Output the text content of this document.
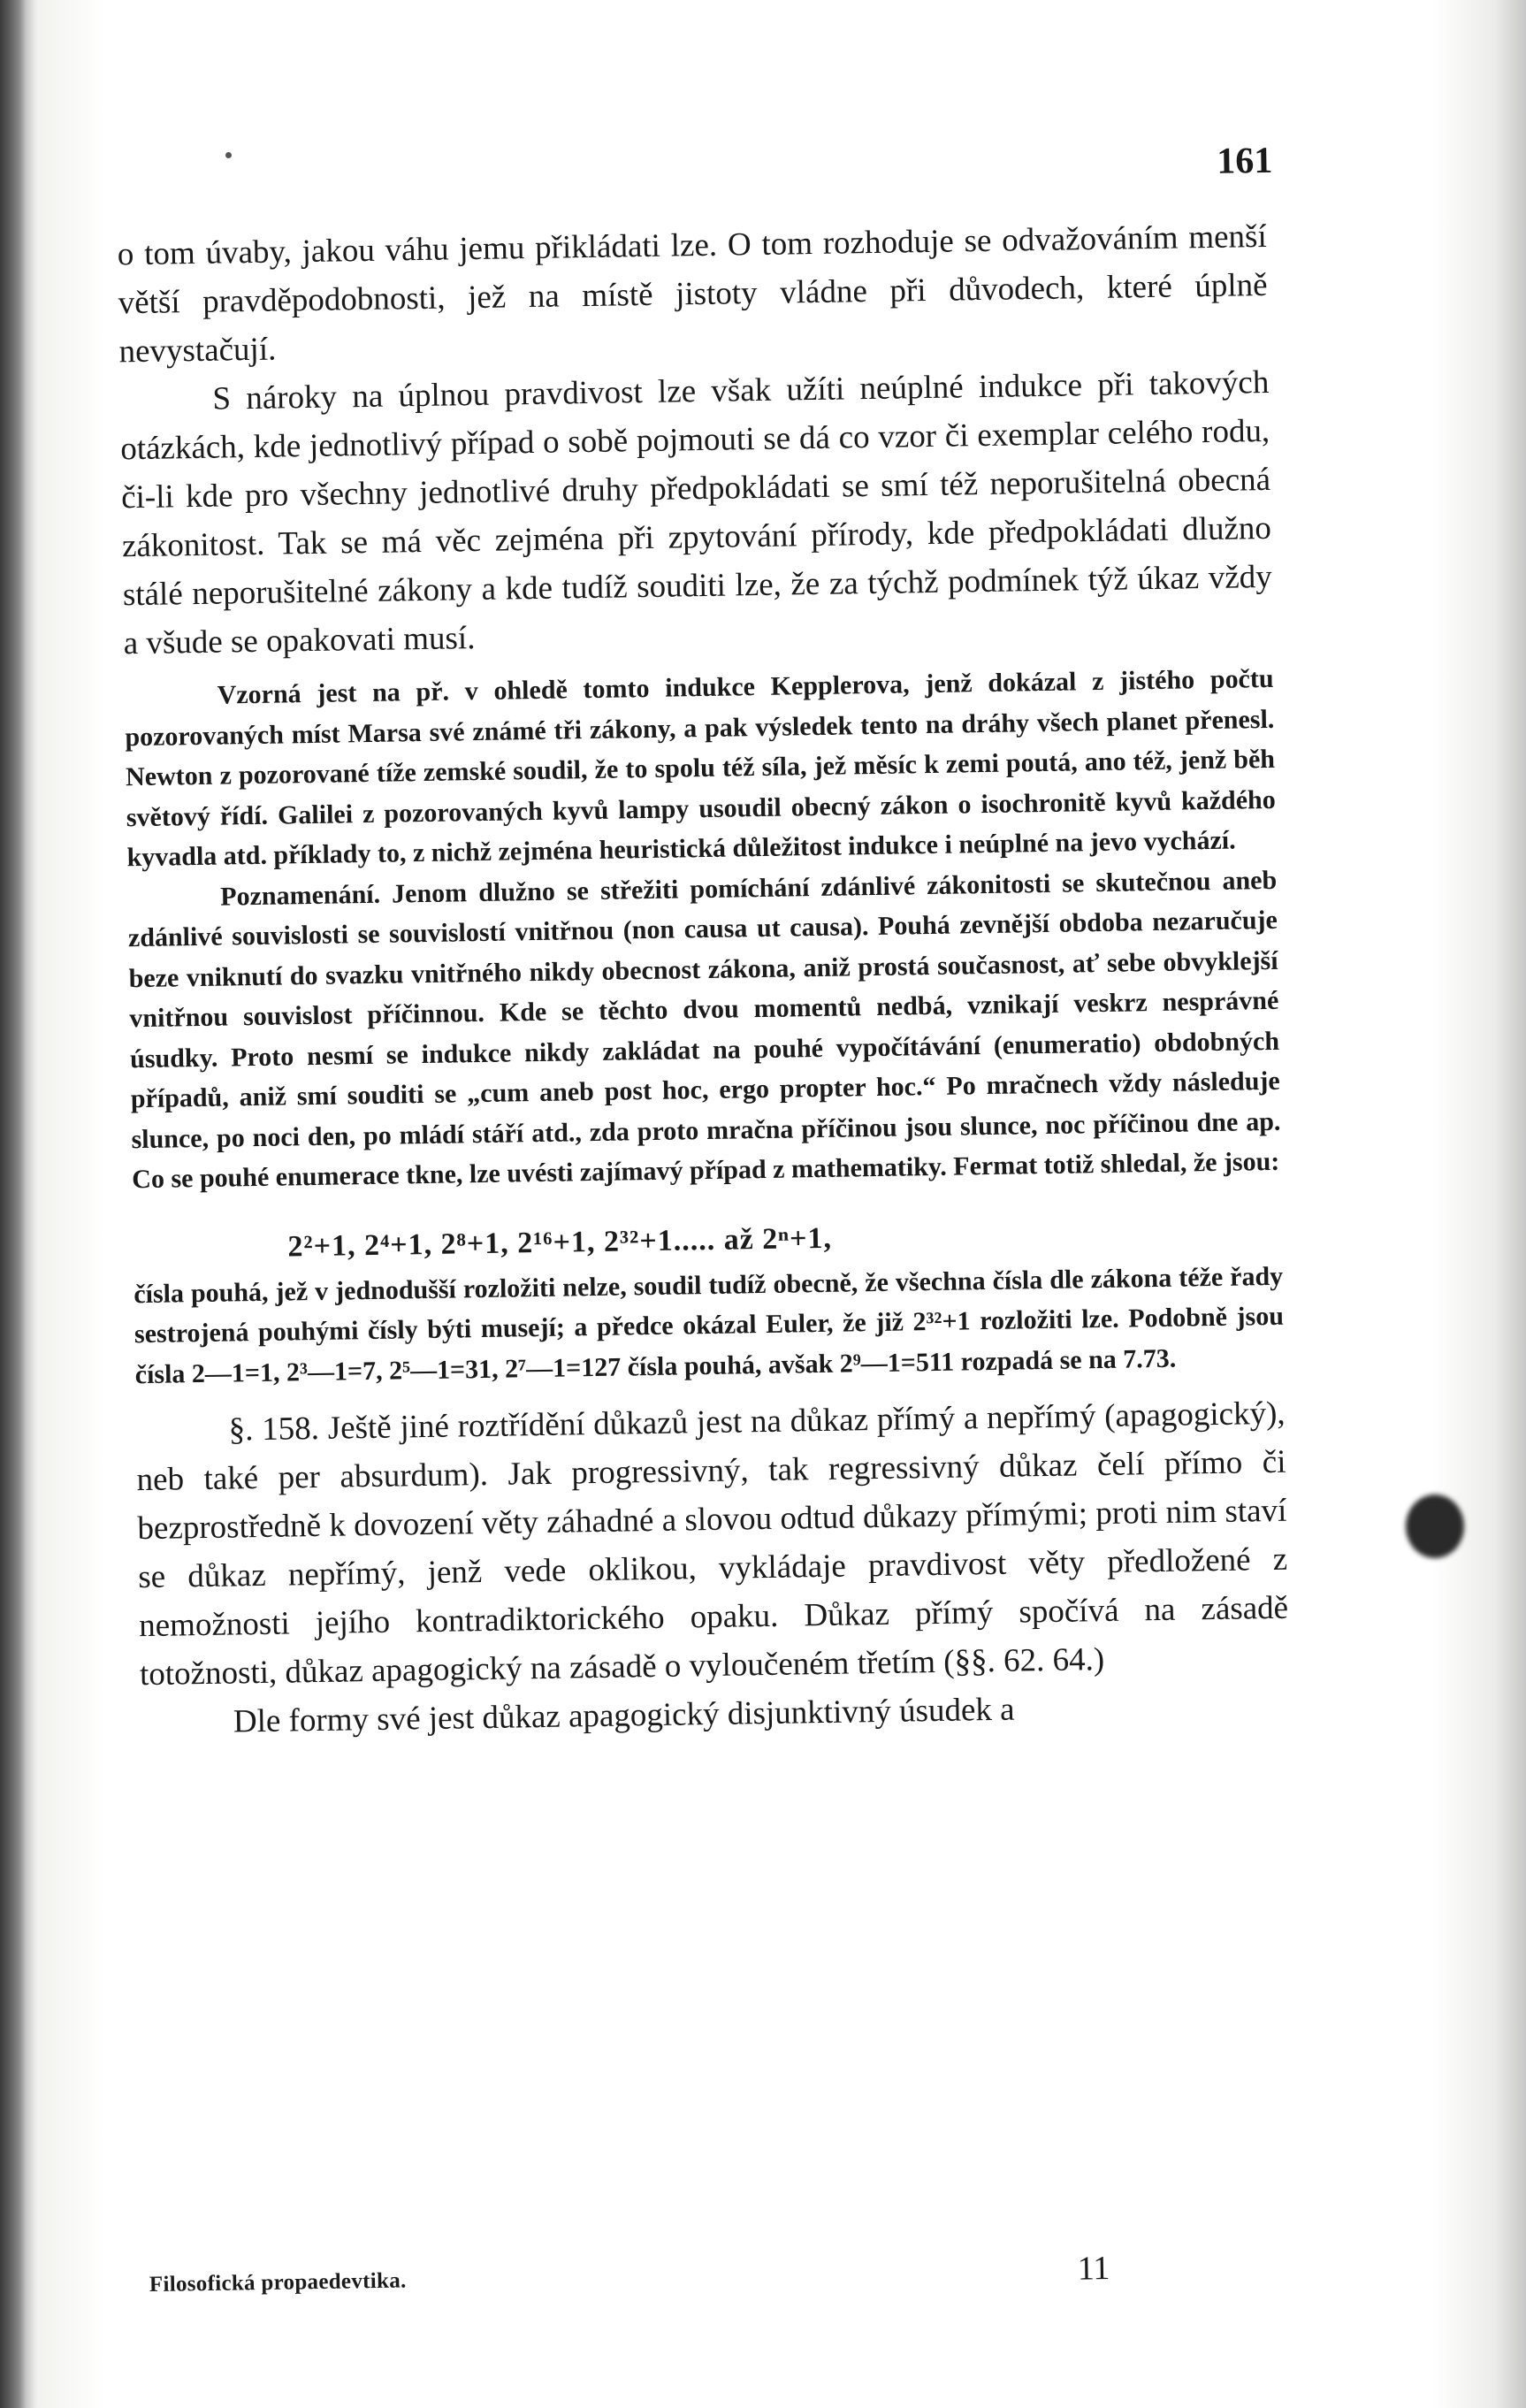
161

o tom úvaby, jakou váhu jemu přikládati lze. O tom rozhoduje se odvažováním menší větší pravděpodobnosti, jež na místě jistoty vládne při důvodech, které úplně nevystačují.

S nároky na úplnou pravdivost lze však užíti neúplné indukce při takových otázkách, kde jednotlivý případ o sobě pojmouti se dá co vzor či exemplar celého rodu, či-li kde pro všechny jednotlivé druhy předpokládati se smí též neporušitelná obecná zákonitost. Tak se má věc zejména při zpytování přírody, kde předpokládati dlužno stálé neporušitelné zákony a kde tudíž souditi lze, že za týchž podmínek týž úkaz vždy a všude se opakovati musí.

Vzorná jest na př. v ohledě tomto indukce Kepplerova, jenž dokázal z jistého počtu pozorovaných míst Marsa své známé tři zákony, a pak výsledek tento na dráhy všech planet přenesl. Newton z pozorované tíže zemské soudil, že to spolu též síla, jež měsíc k zemi poutá, ano též, jenž běh světový řídí. Galilei z pozorovaných kyvů lampy usoudil obecný zákon o isochronitě kyvů každého kyvadla atd. příklady to, z nichž zejména heuristická důležitost indukce i neúplné na jevo vychází.

Poznamenání. Jenom dlužno se střežiti pomíchání zdánlivé zákonitosti se skutečnou aneb zdánlivé souvislosti se souvislostí vnitřnou (non causa ut causa). Pouhá zevnější obdoba nezaručuje beze vniknutí do svazku vnitřného nikdy obecnost zákona, aniž prostá současnost, ať sebe obvyklejší vnitřnou souvislost příčinnou. Kde se těchto dvou momentů nedbá, vznikají veskrz nesprávné úsudky. Proto nesmí se indukce nikdy zakládat na pouhé vypočítávání (enumeratio) obdobných případů, aniž smí souditi se „cum aneb post hoc, ergo propter hoc.“ Po mračnech vždy následuje slunce, po noci den, po mládí stáří atd., zda proto mračna příčinou jsou slunce, noc příčinou dne ap. Co se pouhé enumerace tkne, lze uvésti zajímavý případ z mathematiky. Fermat totiž shledal, že jsou:

2²+1, 2⁴+1, 2⁸+1, 2¹⁶+1, 2³²+1..... až 2ⁿ+1,

čísla pouhá, jež v jednodušší rozložiti nelze, soudil tudíž obecně, že všechna čísla dle zákona téže řady sestrojená pouhými čísly býti musejí; a předce okázal Euler, že již 2³²+1 rozložiti lze. Podobně jsou čísla 2—1=1, 2³—1=7, 2⁵—1=31, 2⁷—1=127 čísla pouhá, avšak 2⁹—1=511 rozpadá se na 7.73.

§. 158. Ještě jiné roztřídění důkazů jest na důkaz přímý a nepřímý (apagogický), neb také per absurdum). Jak progressivný, tak regressivný důkaz čelí přímo či bezprostředně k dovození věty záhadné a slovou odtud důkazy přímými; proti nim staví se důkaz nepřímý, jenž vede oklikou, vykládaje pravdivost věty předložené z nemožnosti jejího kontradiktorického opaku. Důkaz přímý spočívá na zásadě totožnosti, důkaz apagogický na zásadě o vyloučeném třetím (§§. 62. 64.)

Dle formy své jest důkaz apagogický disjunktivný úsudek a

Filosofická propaedevtika.	11
